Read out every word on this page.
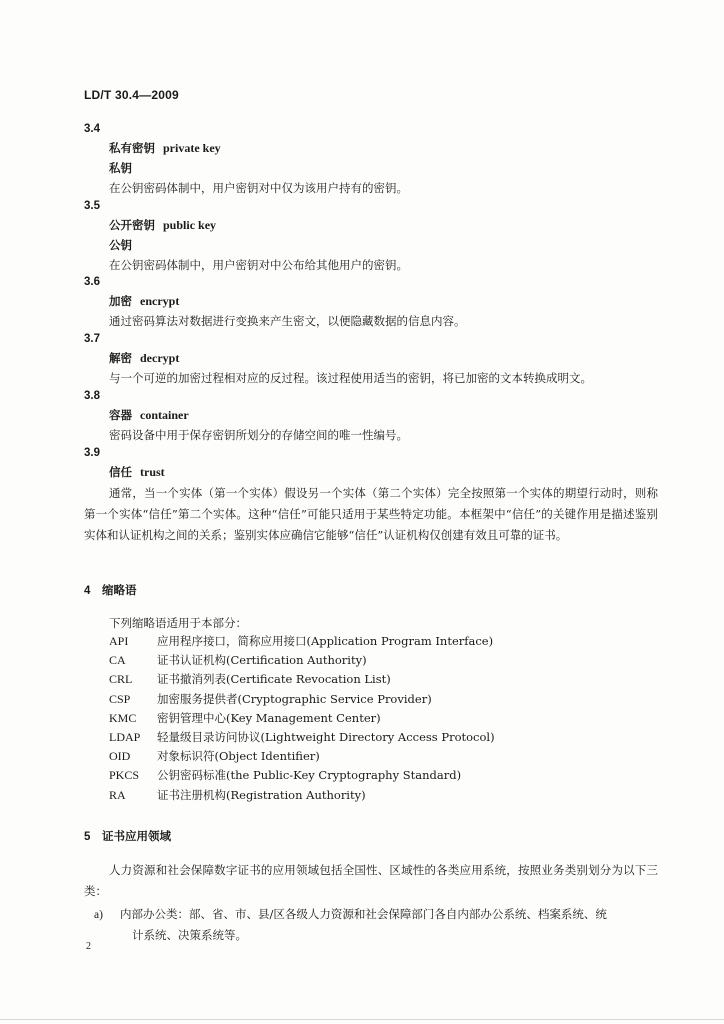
LD/T 30.4—2009
3.4
私有密钥 private key
私钥
在公钥密码体制中，用户密钥对中仅为该用户持有的密钥。
3.5
公开密钥 public key
公钥
在公钥密码体制中，用户密钥对中公布给其他用户的密钥。
3.6
加密 encrypt
通过密码算法对数据进行变换来产生密文，以便隐藏数据的信息内容。
3.7
解密 decrypt
与一个可逆的加密过程相对应的反过程。该过程使用适当的密钥，将已加密的文本转换成明文。
3.8
容器 container
密码设备中用于保存密钥所划分的存储空间的唯一性编号。
3.9
信任 trust
通常，当一个实体（第一个实体）假设另一个实体（第二个实体）完全按照第一个实体的期望行动时，则称第一个实体“信任”第二个实体。这种“信任”可能只适用于某些特定功能。本框架中“信任”的关键作用是描述鉴别实体和认证机构之间的关系；鉴别实体应确信它能够“信任”认证机构仅创建有效且可靠的证书。
4 缩略语
下列缩略语适用于本部分：
API 应用程序接口，简称应用接口(Application Program Interface)
CA	证书认证机构(Certification Authority)
CRL 证书撤消列表(Certificate Revocation List)
CSP 加密服务提供者(Cryptographic Service Provider)
KMC 密钥管理中心(Key Management Center)
LDAP 轻量级目录访问协议(Lightweight Directory Access Protocol)
OID 对象标识符(Object Identifier)
PKCS 公钥密码标准(the Public-Key Cryptography Standard)
RA	证书注册机构(Registration Authority)
5 证书应用领域
人力资源和社会保障数字证书的应用领域包括全国性、区域性的各类应用系统，按照业务类别划分为以下三类：
a) 内部办公类：部、省、市、县/区各级人力资源和社会保障部门各自内部办公系统、档案系统、统
计系统、决策系统等。
2
